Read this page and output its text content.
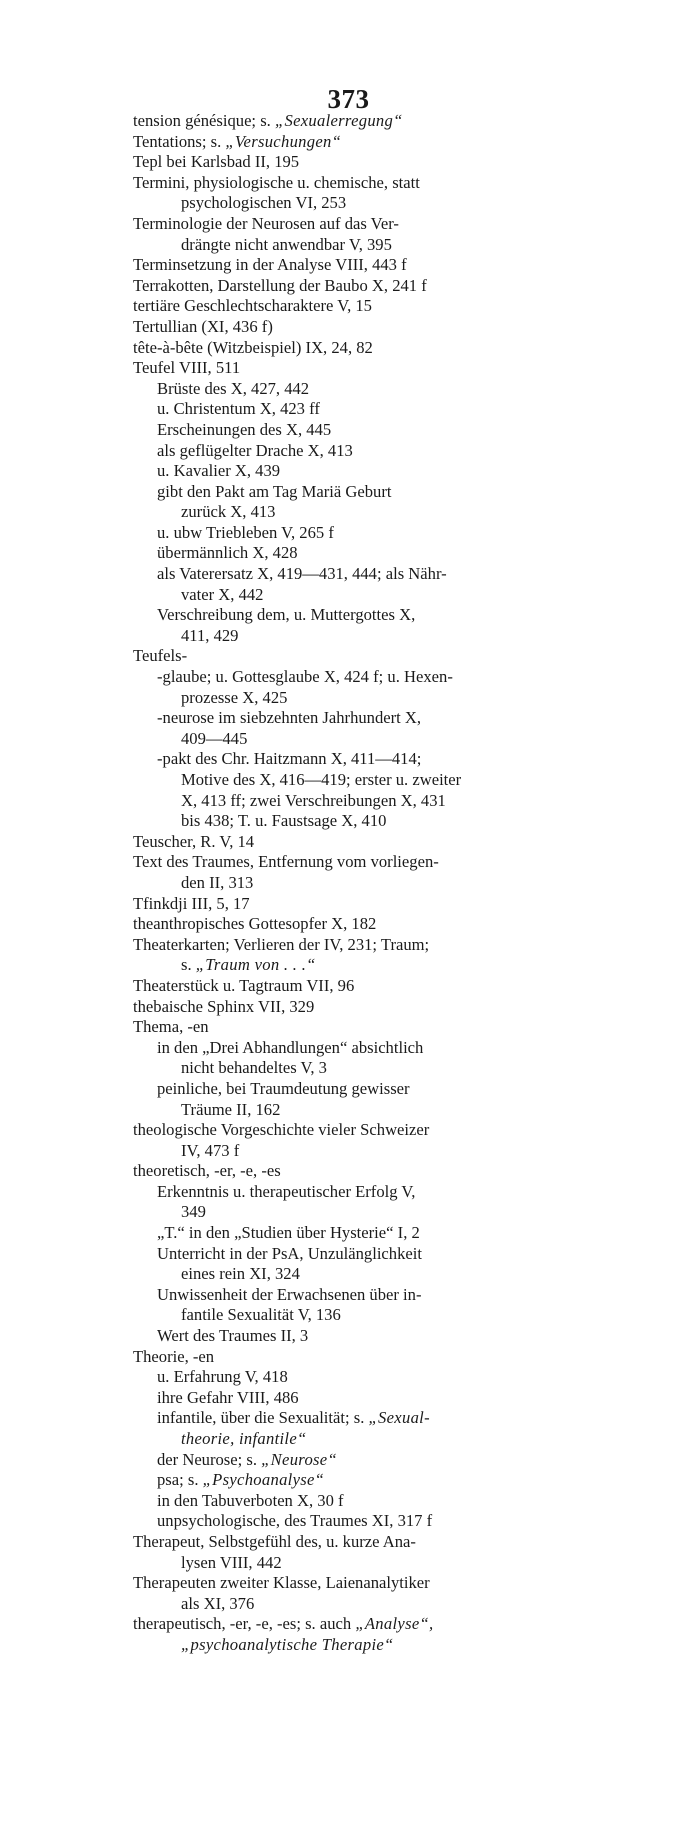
373
tension génésique; s. „Sexualerregung“
Tentations; s. „Versuchungen“
Tepl bei Karlsbad II, 195
Termini, physiologische u. chemische, statt
psychologischen VI, 253
Terminologie der Neurosen auf das Ver-
drängte nicht anwendbar V, 395
Terminsetzung in der Analyse VIII, 443 f
Terrakotten, Darstellung der Baubo X, 241 f
tertiäre Geschlechtscharaktere V, 15
Tertullian (XI, 436 f)
tête-à-bête (Witzbeispiel) IX, 24, 82
Teufel VIII, 511
Brüste des X, 427, 442
u. Christentum X, 423 ff
Erscheinungen des X, 445
als geflügelter Drache X, 413
u. Kavalier X, 439
gibt den Pakt am Tag Mariä Geburt
zurück X, 413
u. ubw Triebleben V, 265 f
übermännlich X, 428
als Vaterersatz X, 419—431, 444; als Nähr-
vater X, 442
Verschreibung dem, u. Muttergottes X,
411, 429
Teufels-
-glaube; u. Gottesglaube X, 424 f; u. Hexen-
prozesse X, 425
-neurose im siebzehnten Jahrhundert X,
409—445
-pakt des Chr. Haitzmann X, 411—414;
Motive des X, 416—419; erster u. zweiter
X, 413 ff; zwei Verschreibungen X, 431
bis 438; T. u. Faustsage X, 410
Teuscher, R. V, 14
Text des Traumes, Entfernung vom vorliegen-
den II, 313
Tfinkdji III, 5, 17
theanthropisches Gottesopfer X, 182
Theaterkarten; Verlieren der IV, 231; Traum;
s. „Traum von . . .“
Theaterstück u. Tagtraum VII, 96
thebaische Sphinx VII, 329
Thema, -en
in den „Drei Abhandlungen“ absichtlich
nicht behandeltes V, 3
peinliche, bei Traumdeutung gewisser
Träume II, 162
theologische Vorgeschichte vieler Schweizer
IV, 473 f
theoretisch, -er, -e, -es
Erkenntnis u. therapeutischer Erfolg V,
349
„T.“ in den „Studien über Hysterie“ I, 2
Unterricht in der PsA, Unzulänglichkeit
eines rein XI, 324
Unwissenheit der Erwachsenen über in-
fantile Sexualität V, 136
Wert des Traumes II, 3
Theorie, -en
u. Erfahrung V, 418
ihre Gefahr VIII, 486
infantile, über die Sexualität; s. „Sexual-
theorie, infantile“
der Neurose; s. „Neurose“
psa; s. „Psychoanalyse“
in den Tabuverboten X, 30 f
unpsychologische, des Traumes XI, 317 f
Therapeut, Selbstgefühl des, u. kurze Ana-
lysen VIII, 442
Therapeuten zweiter Klasse, Laienanalytiker
als XI, 376
therapeutisch, -er, -e, -es; s. auch „Analyse“,
„psychoanalytische Therapie“
